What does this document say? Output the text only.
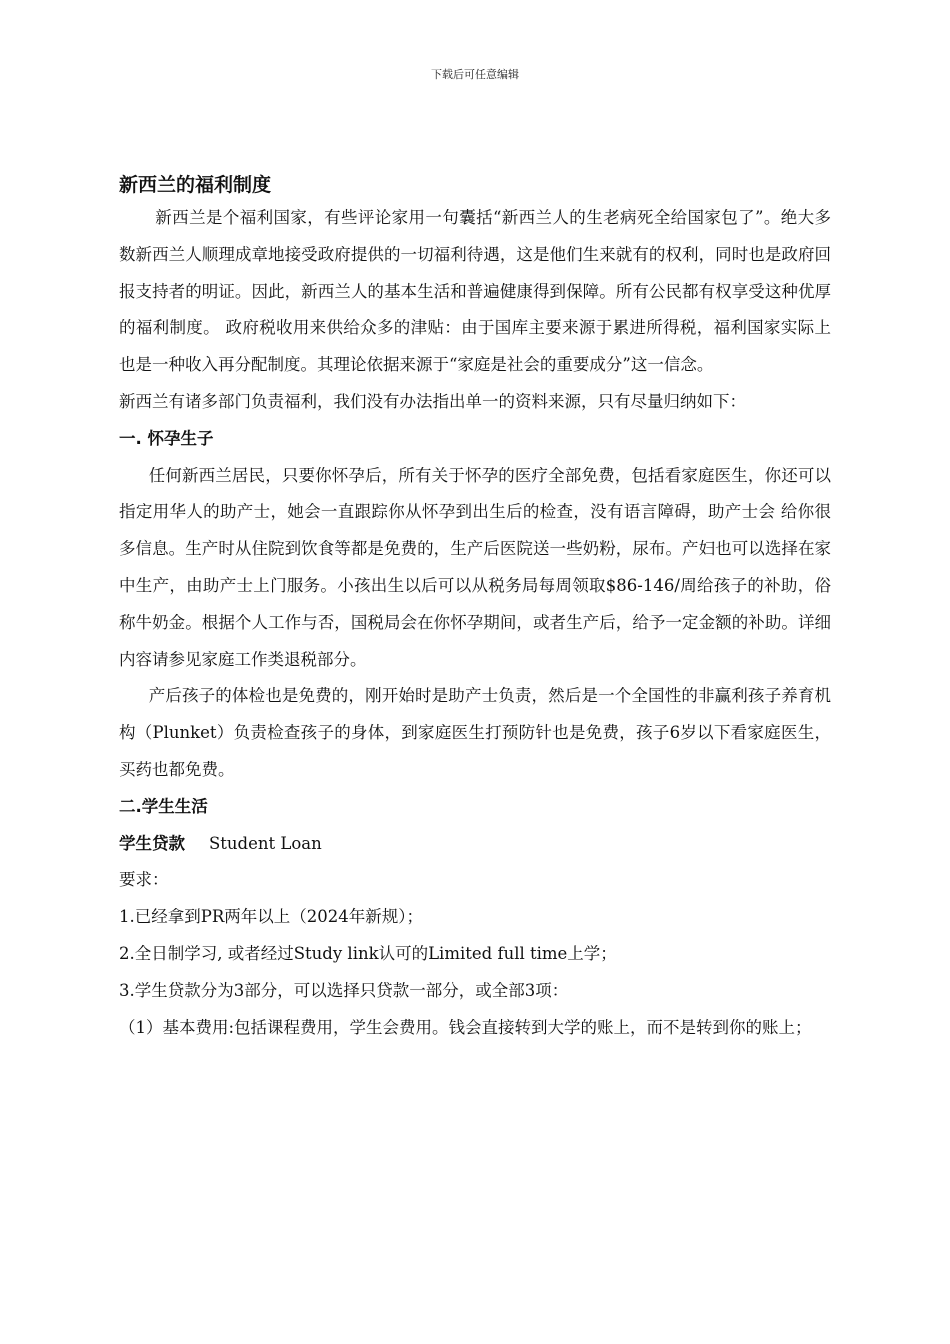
下载后可任意编辑
新西兰的福利制度

新西兰是个福利国家，有些评论家用一句囊括“新西兰人的生老病死全给国家包了”。绝大多数新西兰人顺理成章地接受政府提供的一切福利待遇，这是他们生来就有的权利，同时也是政府回报支持者的明证。因此，新西兰人的基本生活和普遍健康得到保障。所有公民都有权享受这种优厚的福利制度。 政府税收用来供给众多的津贴：由于国库主要来源于累进所得税，福利国家实际上也是一种收入再分配制度。其理论依据来源于“家庭是社会的重要成分”这一信念。

新西兰有诸多部门负责福利，我们没有办法指出单一的资料来源，只有尽量归纳如下：

一. 怀孕生子

任何新西兰居民，只要你怀孕后，所有关于怀孕的医疗全部免费，包括看家庭医生，你还可以指定用华人的助产士，她会一直跟踪你从怀孕到出生后的检查，没有语言障碍，助产士会 给你很多信息。生产时从住院到饮食等都是免费的，生产后医院送一些奶粉，尿布。产妇也可以选择在家中生产，由助产士上门服务。小孩出生以后可以从税务局每周领取$86-146/周给孩子的补助，俗称牛奶金。根据个人工作与否，国税局会在你怀孕期间，或者生产后，给予一定金额的补助。详细内容请参见家庭工作类退税部分。

产后孩子的体检也是免费的，刚开始时是助产士负责，然后是一个全国性的非赢利孩子养育机构（Plunket）负责检查孩子的身体，到家庭医生打预防针也是免费，孩子6岁以下看家庭医生，买药也都免费。

二.学生生活
学生贷款 Student Loan

要求：

1.已经拿到PR两年以上（2024年新规）；

2.全日制学习, 或者经过Study link认可的Limited full time上学；

3.学生贷款分为3部分，可以选择只贷款一部分，或全部3项：

（1）基本费用:包括课程费用，学生会费用。钱会直接转到大学的账上，而不是转到你的账上；
